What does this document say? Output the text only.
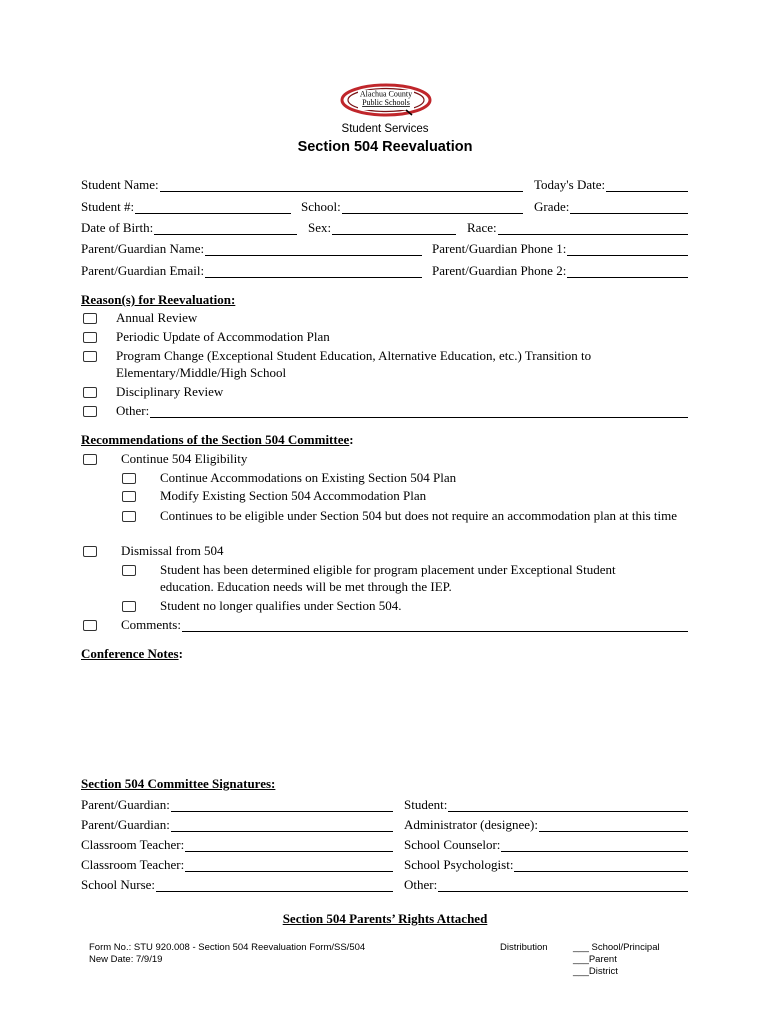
Alachua County
Public Schools
Student Services
Section 504 Reevaluation
Student Name:	Today's Date:
Student #:	School:	Grade:
Date of Birth:	Sex:	Race:
Parent/Guardian Name:	Parent/Guardian Phone 1:
Parent/Guardian Email:	Parent/Guardian Phone 2:
Reason(s) for Reevaluation:
Annual Review
Periodic Update of Accommodation Plan
Program Change (Exceptional Student Education, Alternative Education, etc.) Transition to Elementary/Middle/High School
Disciplinary Review
Other:
Recommendations of the Section 504 Committee:
Continue 504 Eligibility
Continue Accommodations on Existing Section 504 Plan
Modify Existing Section 504 Accommodation Plan
Continues to be eligible under Section 504 but does not require an accommodation plan at this time
Dismissal from 504
Student has been determined eligible for program placement under Exceptional Student education. Education needs will be met through the IEP.
Student no longer qualifies under Section 504.
Comments:
Conference Notes:
Section 504 Committee Signatures:
Parent/Guardian:	Student:
Parent/Guardian:	Administrator (designee):
Classroom Teacher:	School Counselor:
Classroom Teacher:	School Psychologist:
School Nurse:	Other:
Section 504 Parents’ Rights Attached
Form No.: STU 920.008 - Section 504 Reevaluation Form/SS/504
New Date: 7/9/19
Distribution	___ School/Principal
___Parent
___District
